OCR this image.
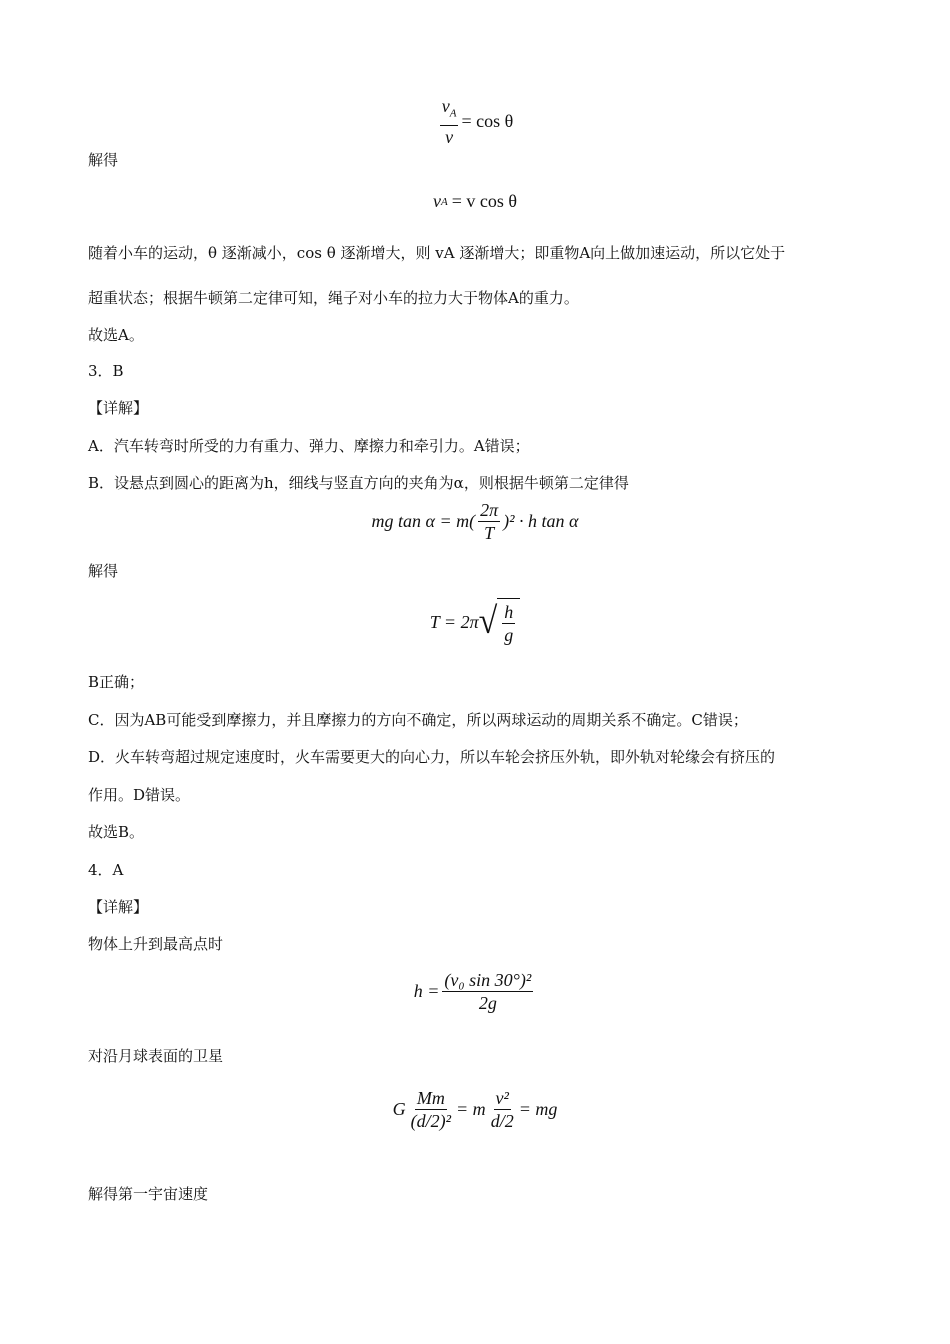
$\frac{v_A}{v} = \cos \theta$
解得
v A = v cos θ
随着小车的运动，θ 逐渐减小，cos θ 逐渐增大，则 vA 逐渐增大；即重物A向上做加速运动，所以它处于
超重状态；根据牛顿第二定律可知，绳子对小车的拉力大于物体A的重力。
故选A。
3．B
【详解】
A．汽车转弯时所受的力有重力、弹力、摩擦力和牵引力。A错误；
B．设悬点到圆心的距离为h，细线与竖直方向的夹角为α，则根据牛顿第二定律得
mg $\tan \alpha = m( \frac{2\pi}{T} )^2 \cdot h$ tan α
解得
T = 2π √ $\frac{h}{g}$
B正确；
C．因为AB可能受到摩擦力，并且摩擦力的方向不确定，所以两球运动的周期关系不确定。C错误；
D．火车转弯超过规定速度时，火车需要更大的向心力，所以车轮会挤压外轨，即外轨对轮缘会有挤压的
作用。D错误。
故选B。
4．A
【详解】
物体上升到最高点时
$h = \frac{\text{(v₀ sin 30°)²}}{2g}$
对沿月球表面的卫星
G $\frac{Mm}{\text{(d/2)²}} = m \frac{\text{v²}}{d/2}$ = mg
解得第一宇宙速度
